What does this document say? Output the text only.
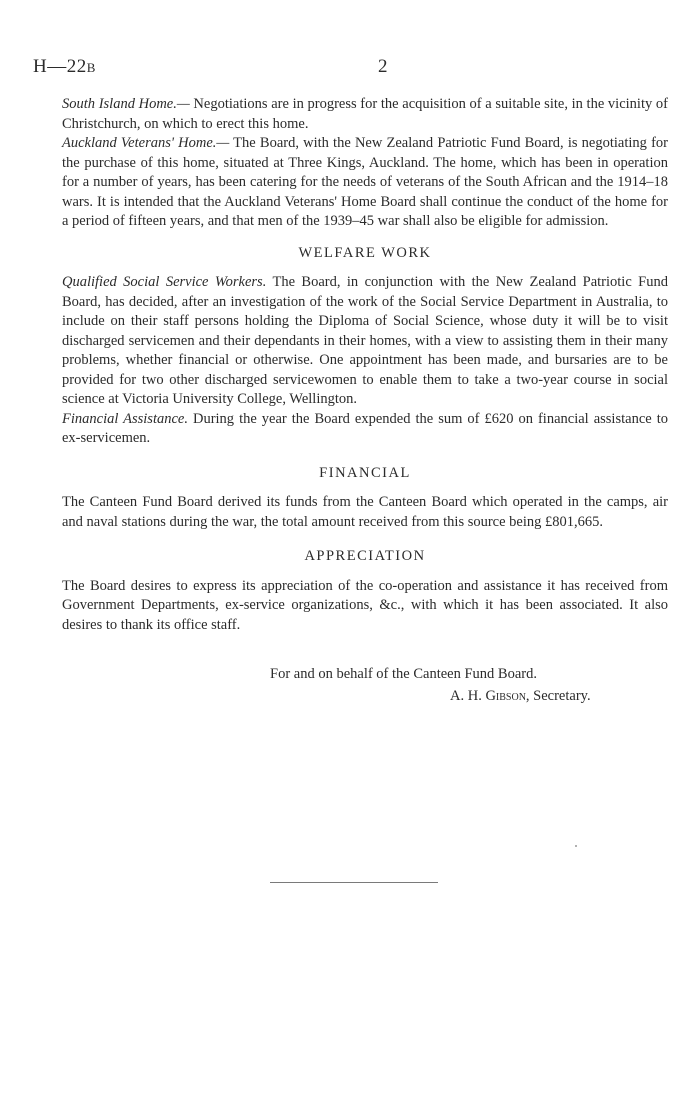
H—22B	2

South Island Home.— Negotiations are in progress for the acquisition of a suitable site, in the vicinity of Christchurch, on which to erect this home.

Auckland Veterans' Home.— The Board, with the New Zealand Patriotic Fund Board, is negotiating for the purchase of this home, situated at Three Kings, Auckland. The home, which has been in operation for a number of years, has been catering for the needs of veterans of the South African and the 1914–18 wars. It is intended that the Auckland Veterans' Home Board shall continue the conduct of the home for a period of fifteen years, and that men of the 1939–45 war shall also be eligible for admission.

WELFARE WORK

Qualified Social Service Workers. The Board, in conjunction with the New Zealand Patriotic Fund Board, has decided, after an investigation of the work of the Social Service Department in Australia, to include on their staff persons holding the Diploma of Social Science, whose duty it will be to visit discharged servicemen and their dependants in their homes, with a view to assisting them in their many problems, whether financial or otherwise. One appointment has been made, and bursaries are to be provided for two other discharged servicewomen to enable them to take a two-year course in social science at Victoria University College, Wellington.

Financial Assistance. During the year the Board expended the sum of £620 on financial assistance to ex-servicemen.

FINANCIAL

The Canteen Fund Board derived its funds from the Canteen Board which operated in the camps, air and naval stations during the war, the total amount received from this source being £801,665.

APPRECIATION

The Board desires to express its appreciation of the co-operation and assistance it has received from Government Departments, ex-service organizations, &c., with which it has been associated. It also desires to thank its office staff.

For and on behalf of the Canteen Fund Board.
A. H. Gibson, Secretary.
